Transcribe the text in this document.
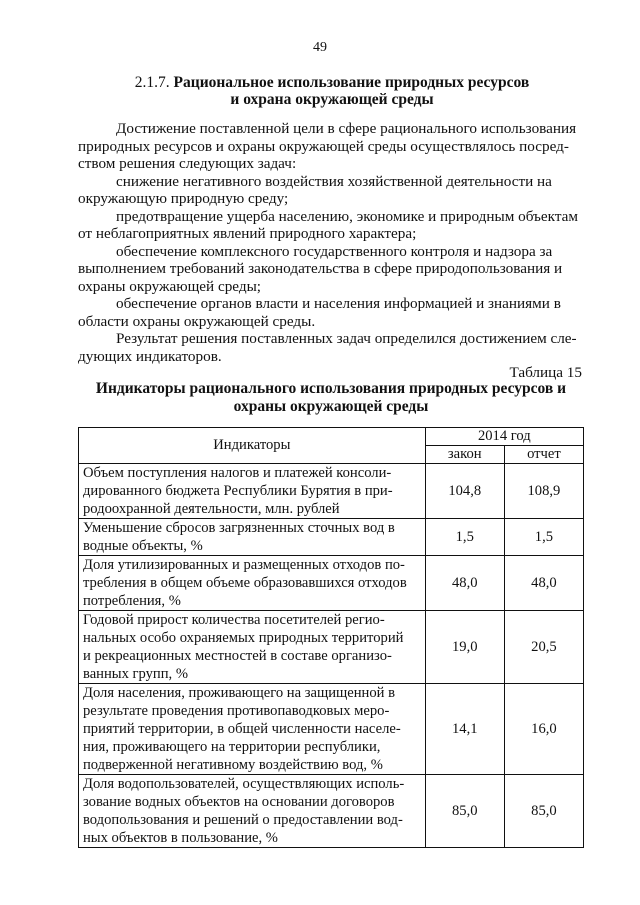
49
2.1.7. Рациональное использование природных ресурсов
и охрана окружающей среды

Достижение поставленной цели в сфере рационального использования
природных ресурсов и охраны окружающей среды осуществлялось посред-
ством решения следующих задач:

снижение негативного воздействия хозяйственной деятельности на
окружающую природную среду;

предотвращение ущерба населению, экономике и природным объектам
от неблагоприятных явлений природного характера;

обеспечение комплексного государственного контроля и надзора за
выполнением требований законодательства в сфере природопользования и
охраны окружающей среды;

обеспечение органов власти и населения информацией и знаниями в
области охраны окружающей среды.

Результат решения поставленных задач определился достижением сле-
дующих индикаторов.

Таблица 15
Индикаторы рационального использования природных ресурсов и
охраны окружающей среды
Индикаторы	2014 год	
	закон	отчет
Объем поступления налогов и платежей консоли-
дированного бюджета Республики Бурятия в при-
родоохранной деятельности, млн. рублей	104,8	108,9
Уменьшение сбросов загрязненных сточных вод в
водные объекты, %	1,5	1,5
Доля утилизированных и размещенных отходов по-
требления в общем объеме образовавшихся отходов
потребления, %	48,0	48,0
Годовой прирост количества посетителей регио-
нальных особо охраняемых природных территорий
и рекреационных местностей в составе организо-
ванных групп, %	19,0	20,5
Доля населения, проживающего на защищенной в
результате проведения противопаводковых меро-
приятий территории, в общей численности населе-
ния, проживающего на территории республики,
подверженной негативному воздействию вод, %	14,1	16,0
Доля водопользователей, осуществляющих исполь-
зование водных объектов на основании договоров
водопользования и решений о предоставлении вод-
ных объектов в пользование, %	85,0	85,0
